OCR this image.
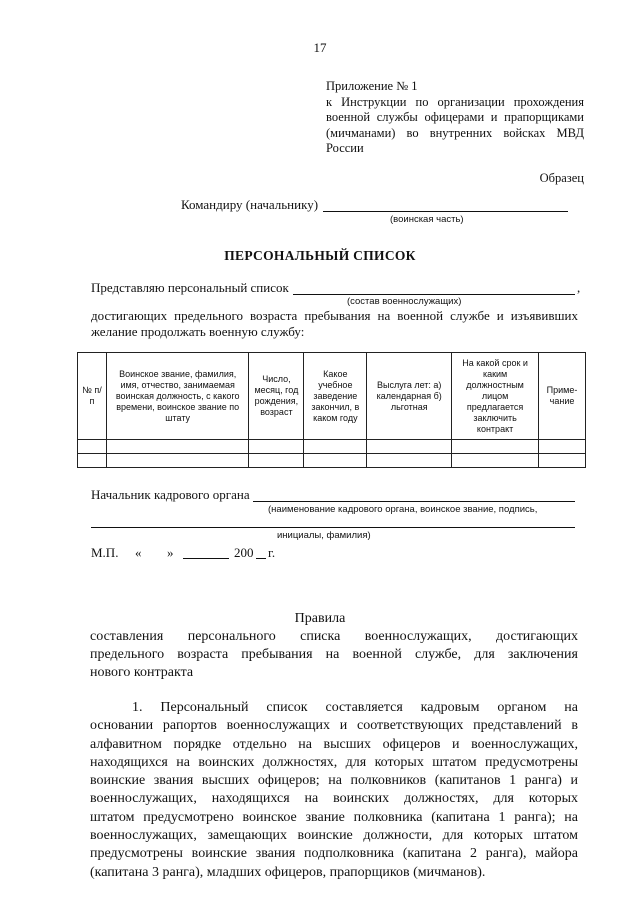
17
Приложение № 1
к Инструкции по организации прохождения
военной службы офицерами и прапорщиками
(мичманами) во внутренних войсках МВД
России
Образец
Командиру (начальнику)
(воинская часть)
ПЕРСОНАЛЬНЫЙ СПИСОК
Представляю персональный список	,
(состав военнослужащих)
достигающих предельного возраста пребывания на военной службе и изъявивших
желание продолжать военную службу:
№ п/п	Воинское звание, фамилия, имя, отчество, занимаемая воинская должность, с какого времени, воинское звание по штату	Число, месяц, год рождения, возраст	Какое учебное заведение закончил, в каком году	Выслуга лет: а) календарная б) льготная	На какой срок и каким должностным лицом предлагается заключить контракт	Приме-чание

Начальник кадрового органа
(наименование кадрового органа, воинское звание, подпись,
инициалы, фамилия)
М.П. « »	200 г.
Правила
составления персонального списка военнослужащих, достигающих
предельного возраста пребывания на военной службе, для заключения
нового контракта
1. Персональный список составляется кадровым органом на
основании рапортов военнослужащих и соответствующих представлений в
алфавитном порядке отдельно на высших офицеров и военнослужащих,
находящихся на воинских должностях, для которых штатом предусмотрены
воинские звания высших офицеров; на полковников (капитанов 1 ранга) и
военнослужащих, находящихся на воинских должностях, для которых
штатом предусмотрено воинское звание полковника (капитана 1 ранга); на
военнослужащих, замещающих воинские должности, для которых штатом
предусмотрены воинские звания подполковника (капитана 2 ранга), майора
(капитана 3 ранга), младших офицеров, прапорщиков (мичманов).
